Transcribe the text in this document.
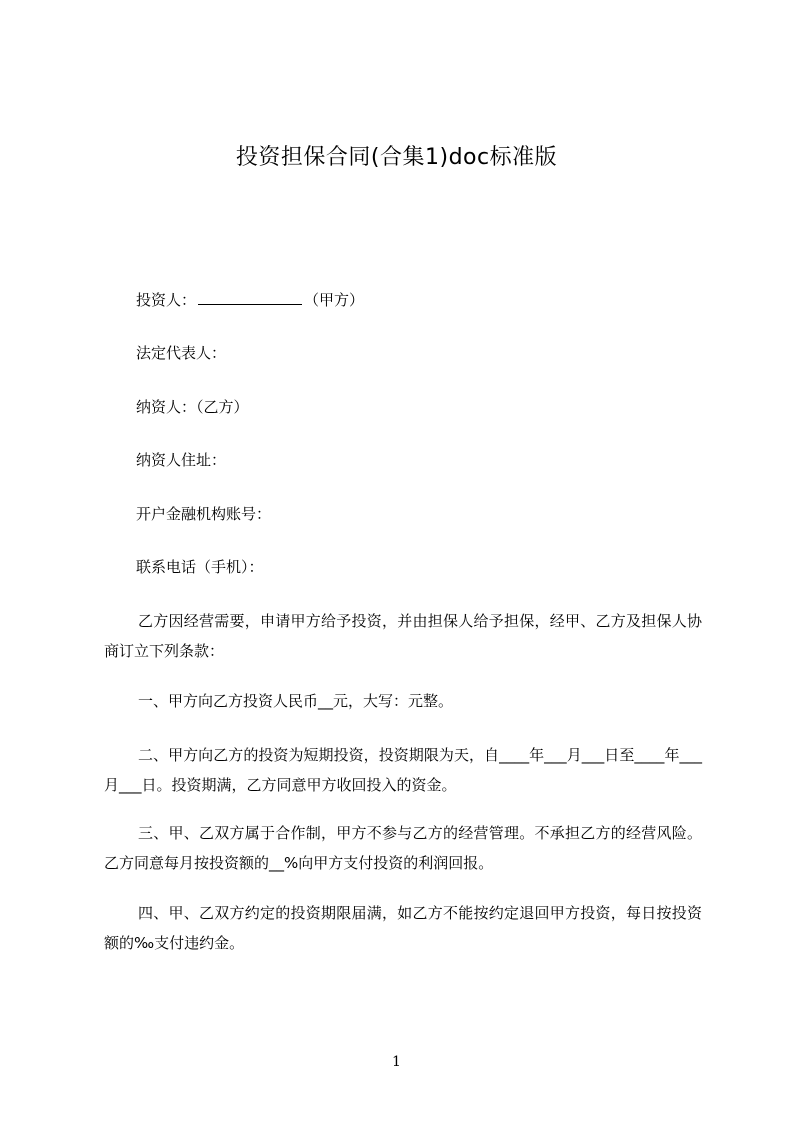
投资担保合同(合集1)doc标准版
投资人：	（甲方）
法定代表人：
纳资人：（乙方）
纳资人住址：
开户金融机构账号：
联系电话（手机）：
乙方因经营需要，申请甲方给予投资，并由担保人给予担保，经甲、乙方及担保人协商订立下列条款：
一、甲方向乙方投资人民币__元，大写：元整。
二、甲方向乙方的投资为短期投资，投资期限为天，自____年___月___日至____年___月___日。投资期满，乙方同意甲方收回投入的资金。
三、甲、乙双方属于合作制，甲方不参与乙方的经营管理。不承担乙方的经营风险。乙方同意每月按投资额的__%向甲方支付投资的利润回报。
四、甲、乙双方约定的投资期限届满，如乙方不能按约定退回甲方投资，每日按投资额的‰支付违约金。
1
